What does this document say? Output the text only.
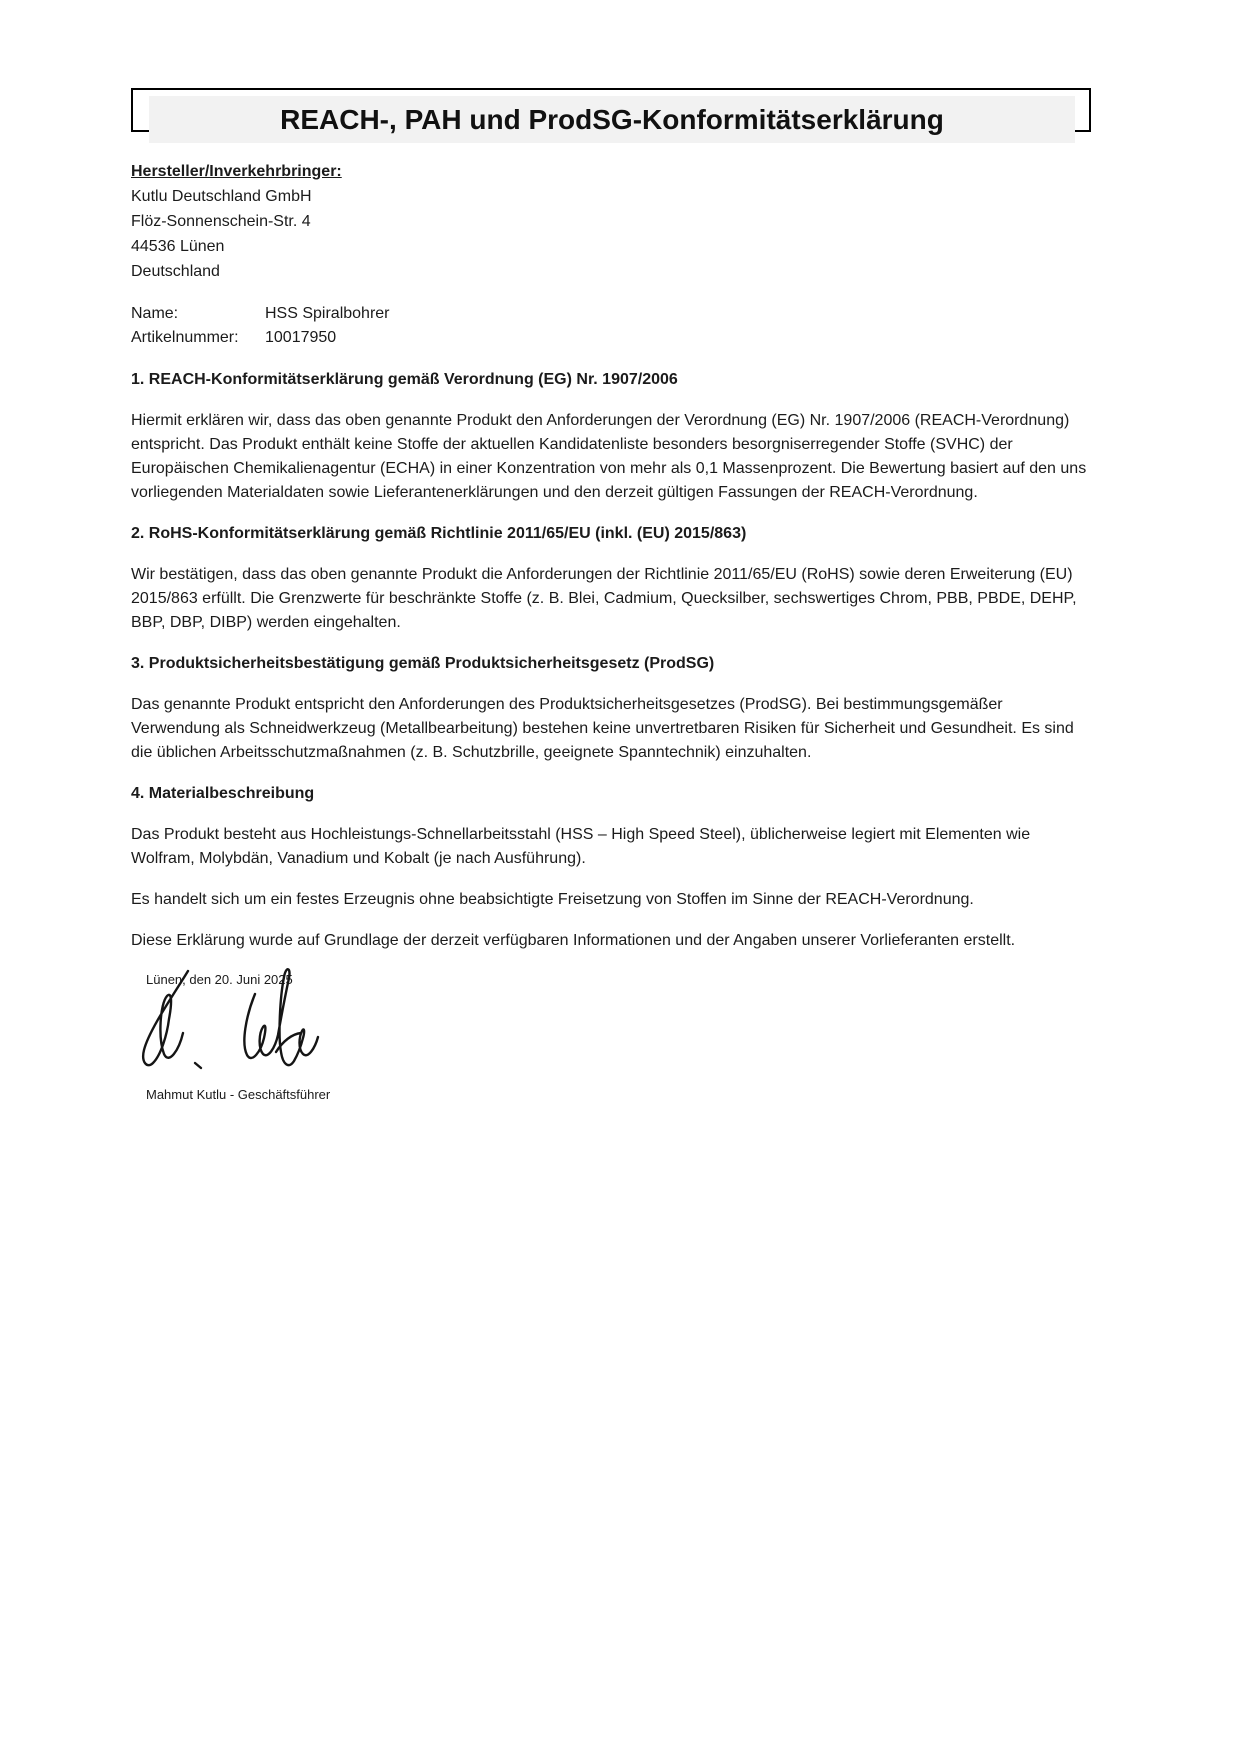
REACH-, PAH und ProdSG-Konformitätserklärung
Hersteller/Inverkehrbringer:
Kutlu Deutschland GmbH
Flöz-Sonnenschein-Str. 4
44536 Lünen
Deutschland
Name:	HSS Spiralbohrer
Artikelnummer: 10017950
1. REACH-Konformitätserklärung gemäß Verordnung (EG) Nr. 1907/2006

Hiermit erklären wir, dass das oben genannte Produkt den Anforderungen der Verordnung (EG) Nr. 1907/2006 (REACH-Verordnung) entspricht. Das Produkt enthält keine Stoffe der aktuellen Kandidatenliste besonders besorgniserregender Stoffe (SVHC) der Europäischen Chemikalienagentur (ECHA) in einer Konzentration von mehr als 0,1 Massenprozent. Die Bewertung basiert auf den uns vorliegenden Materialdaten sowie Lieferantenerklärungen und den derzeit gültigen Fassungen der REACH-Verordnung.

2. RoHS-Konformitätserklärung gemäß Richtlinie 2011/65/EU (inkl. (EU) 2015/863)

Wir bestätigen, dass das oben genannte Produkt die Anforderungen der Richtlinie 2011/65/EU (RoHS) sowie deren Erweiterung (EU) 2015/863 erfüllt. Die Grenzwerte für beschränkte Stoffe (z. B. Blei, Cadmium, Quecksilber, sechswertiges Chrom, PBB, PBDE, DEHP, BBP, DBP, DIBP) werden eingehalten.

3. Produktsicherheitsbestätigung gemäß Produktsicherheitsgesetz (ProdSG)

Das genannte Produkt entspricht den Anforderungen des Produktsicherheitsgesetzes (ProdSG). Bei bestimmungsgemäßer Verwendung als Schneidwerkzeug (Metallbearbeitung) bestehen keine unvertretbaren Risiken für Sicherheit und Gesundheit. Es sind die üblichen Arbeitsschutzmaßnahmen (z. B. Schutzbrille, geeignete Spanntechnik) einzuhalten.

4. Materialbeschreibung

Das Produkt besteht aus Hochleistungs-Schnellarbeitsstahl (HSS – High Speed Steel), üblicherweise legiert mit Elementen wie Wolfram, Molybdän, Vanadium und Kobalt (je nach Ausführung).

Es handelt sich um ein festes Erzeugnis ohne beabsichtigte Freisetzung von Stoffen im Sinne der REACH-Verordnung.

Diese Erklärung wurde auf Grundlage der derzeit verfügbaren Informationen und der Angaben unserer Vorlieferanten erstellt.

Lünen, den 20. Juni 2025
Mahmut Kutlu - Geschäftsführer
